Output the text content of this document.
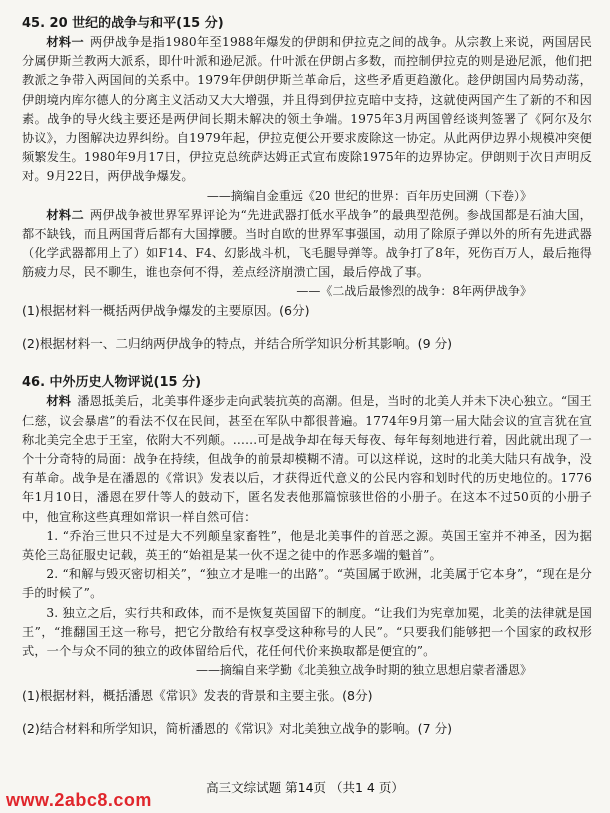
45. 20 世纪的战争与和平(15 分)

材料一 两伊战争是指1980年至1988年爆发的伊朗和伊拉克之间的战争。从宗教上来说，两国居民分属伊斯兰教两大派系，即什叶派和逊尼派。什叶派在伊朗占多数，而控制伊拉克的则是逊尼派，他们把教派之争带入两国间的关系中。1979年伊朗伊斯兰革命后，这些矛盾更趋激化。趁伊朗国内局势动荡，伊朗境内库尔德人的分离主义活动又大大增强，并且得到伊拉克暗中支持，这就使两国产生了新的不和因素。战争的导火线主要还是两伊间长期未解决的领土争端。1975年3月两国曾经谈判签署了《阿尔及尔协议》，力图解决边界纠纷。自1979年起，伊拉克便公开要求废除这一协定。从此两伊边界小规模冲突便频繁发生。1980年9月17日，伊拉克总统萨达姆正式宣布废除1975年的边界协定。伊朗则于次日声明反对。9月22日，两伊战争爆发。

——摘编自金重远《20 世纪的世界：百年历史回溯（下卷）》

材料二 两伊战争被世界军界评论为“先进武器打低水平战争”的最典型范例。参战国都是石油大国，都不缺钱，而且两国背后都有大国撑腰。当时自欧的世界军事强国，动用了除原子弹以外的所有先进武器（化学武器都用上了）如F14、F4、幻影战斗机，飞毛腿导弹等。战争打了8年，死伤百万人，最后拖得筋疲力尽，民不聊生，谁也奈何不得，差点经济崩溃亡国，最后停战了事。

——《二战后最惨烈的战争：8年两伊战争》

(1)根据材料一概括两伊战争爆发的主要原因。(6分)

(2)根据材料一、二归纳两伊战争的特点，并结合所学知识分析其影响。(9 分)

46. 中外历史人物评说(15 分)

材料 潘恩抵美后，北美事件逐步走向武装抗英的高潮。但是，当时的北美人并未下决心独立。“国王仁慈，议会暴虐”的看法不仅在民间，甚至在军队中都很普遍。1774年9月第一届大陆会议的宣言犹在宣称北美完全忠于王室，依附大不列颠。……可是战争却在每天每夜、每年每刻地进行着，因此就出现了一个十分奇特的局面：战争在持续，但战争的前景却模糊不清。可以这样说，这时的北美大陆只有战争，没有革命。战争是在潘恩的《常识》发表以后，才获得近代意义的公民内容和划时代的历史地位的。1776年1月10日，潘恩在罗什等人的鼓动下，匿名发表他那篇惊骇世俗的小册子。在这本不过50页的小册子中，他宣称这些真理如常识一样自然可信：

1. “乔治三世只不过是大不列颠皇家畜牲”，他是北美事件的首恶之源。英国王室并不神圣，因为据英伦三岛征服史记载，英王的“始祖是某一伙不逞之徒中的作恶多端的魁首”。

2. “和解与毁灭密切相关”，“独立才是唯一的出路”。“英国属于欧洲，北美属于它本身”，“现在是分手的时候了”。

3. 独立之后，实行共和政体，而不是恢复英国留下的制度。“让我们为宪章加冕，北美的法律就是国王”，“推翻国王这一称号，把它分散给有权享受这种称号的人民”。“只要我们能够把一个国家的政权形式，一个与众不同的独立的政体留给后代，花任何代价来换取都是便宜的”。

——摘编自来学勤《北美独立战争时期的独立思想启蒙者潘恩》

(1)根据材料，概括潘恩《常识》发表的背景和主要主张。(8分)

(2)结合材料和所学知识，简析潘恩的《常识》对北美独立战争的影响。(7 分)

高三文综试题 第14页 （共1 4 页）
www.2abc8.com
